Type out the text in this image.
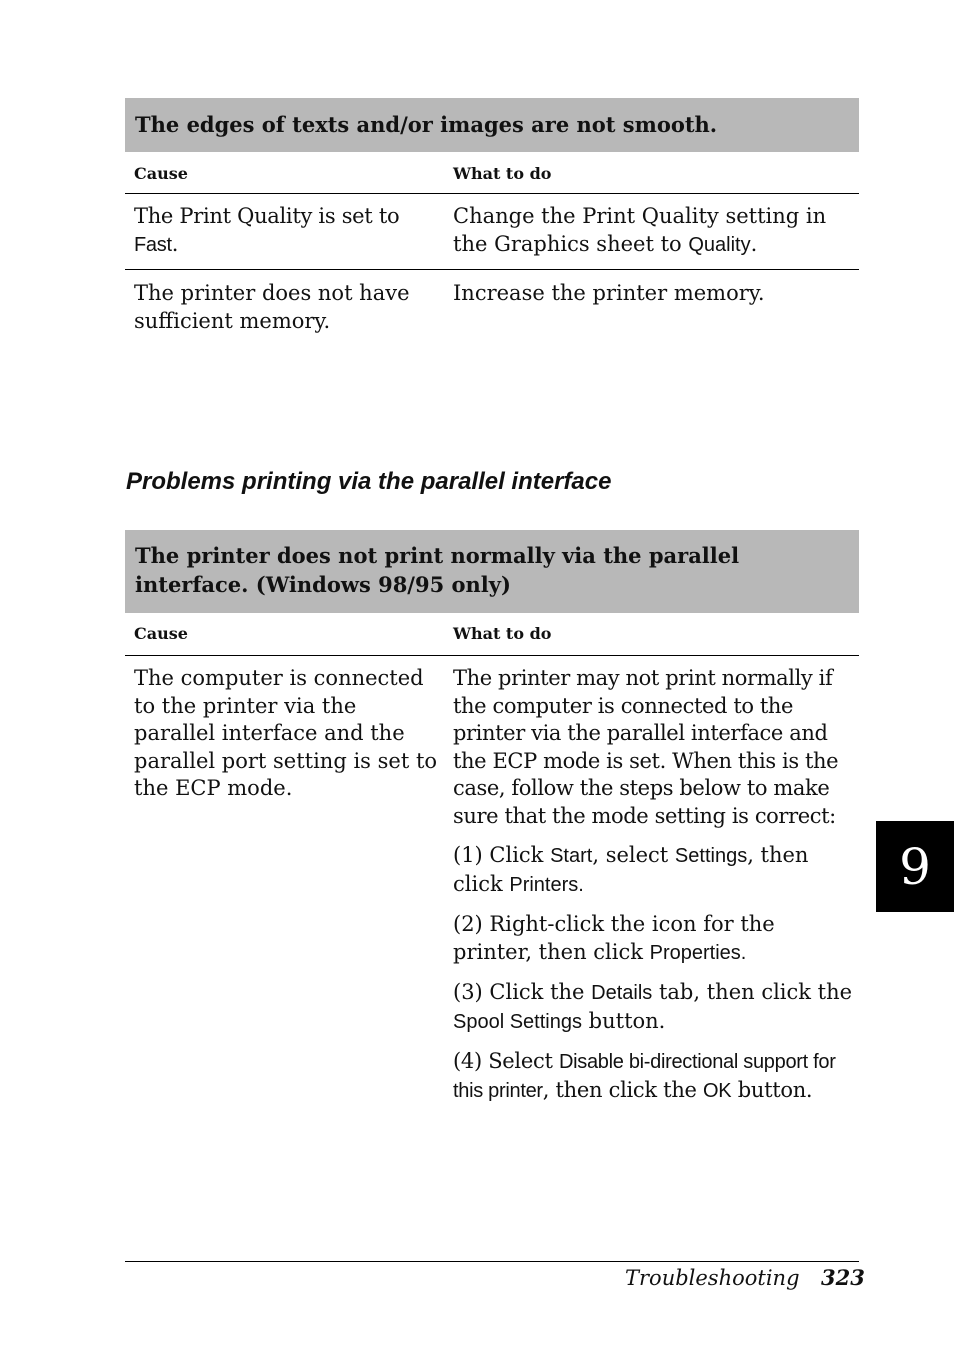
The edges of texts and/or images are not smooth.
Cause	What to do
The Print Quality is set to Fast.
Change the Print Quality setting in the Graphics sheet to Quality.
The printer does not have sufficient memory.
Increase the printer memory.
Problems printing via the parallel interface
The printer does not print normally via the parallel interface. (Windows 98/95 only)
Cause	What to do
The computer is connected to the printer via the parallel interface and the parallel port setting is set to the ECP mode.
The printer may not print normally if the computer is connected to the printer via the parallel interface and the ECP mode is set. When this is the case, follow the steps below to make sure that the mode setting is correct:
(1) Click Start, select Settings, then click Printers.
(2) Right-click the icon for the printer, then click Properties.
(3) Click the Details tab, then click the Spool Settings button.
(4) Select Disable bi-directional support for this printer, then click the OK button.
9
Troubleshooting 323
